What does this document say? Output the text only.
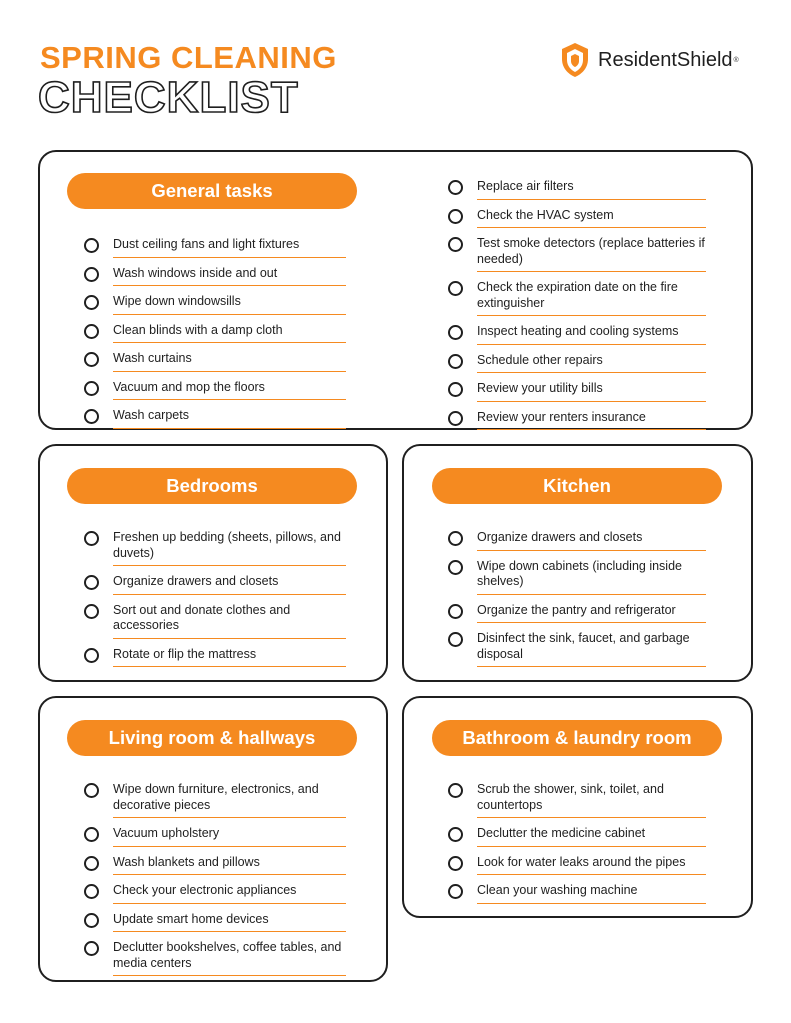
SPRING CLEANING
CHECKLIST
ResidentShield ®
General tasks
Dust ceiling fans and light fixtures
Wash windows inside and out
Wipe down windowsills
Clean blinds with a damp cloth
Wash curtains
Vacuum and mop the floors
Wash carpets
Replace air filters
Check the HVAC system
Test smoke detectors (replace batteries if needed)
Check the expiration date on the fire extinguisher
Inspect heating and cooling systems
Schedule other repairs
Review your utility bills
Review your renters insurance
Bedrooms
Freshen up bedding (sheets, pillows, and duvets)
Organize drawers and closets
Sort out and donate clothes and accessories
Rotate or flip the mattress
Kitchen
Organize drawers and closets
Wipe down cabinets (including inside shelves)
Organize the pantry and refrigerator
Disinfect the sink, faucet, and garbage disposal
Living room & hallways
Wipe down furniture, electronics, and decorative pieces
Vacuum upholstery
Wash blankets and pillows
Check your electronic appliances
Update smart home devices
Declutter bookshelves, coffee tables, and media centers
Bathroom & laundry room
Scrub the shower, sink, toilet, and countertops
Declutter the medicine cabinet
Look for water leaks around the pipes
Clean your washing machine
